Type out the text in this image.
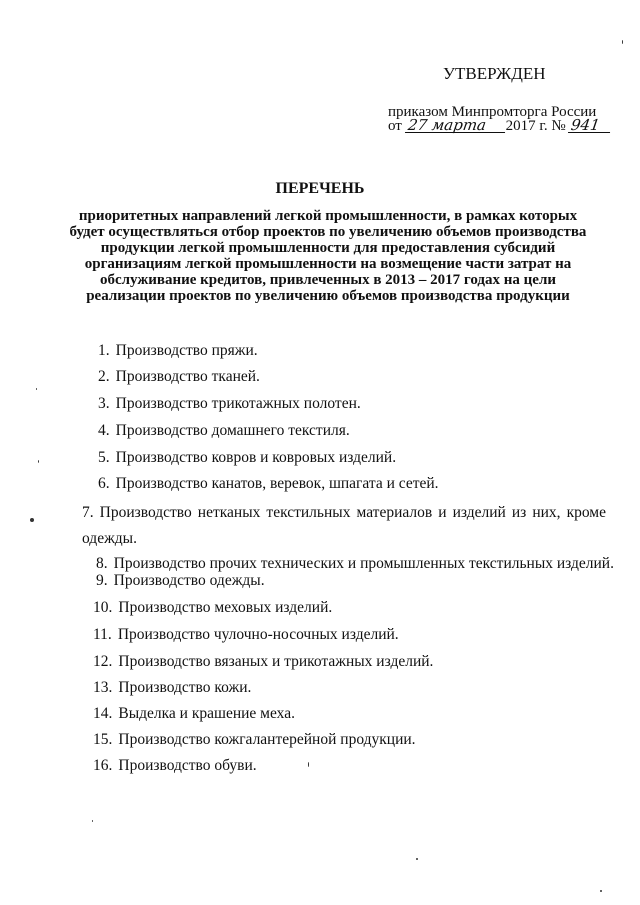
УТВЕРЖДЕН
приказом Минпромторга России
от 27 марта 2017 г. № 941
ПЕРЕЧЕНЬ
приоритетных направлений легкой промышленности, в рамках которых будет осуществляться отбор проектов по увеличению объемов производства продукции легкой промышленности для предоставления субсидий организациям легкой промышленности на возмещение части затрат на обслуживание кредитов, привлеченных в 2013 – 2017 годах на цели реализации проектов по увеличению объемов производства продукции
1. Производство пряжи.
2. Производство тканей.
3. Производство трикотажных полотен.
4. Производство домашнего текстиля.
5. Производство ковров и ковровых изделий.
6. Производство канатов, веревок, шпагата и сетей.
7. Производство нетканых текстильных материалов и изделий из них, кроме одежды.
8. Производство прочих технических и промышленных текстильных изделий.
9. Производство одежды.
10. Производство меховых изделий.
11. Производство чулочно-носочных изделий.
12. Производство вязаных и трикотажных изделий.
13. Производство кожи.
14. Выделка и крашение меха.
15. Производство кожгалантерейной продукции.
16. Производство обуви.
